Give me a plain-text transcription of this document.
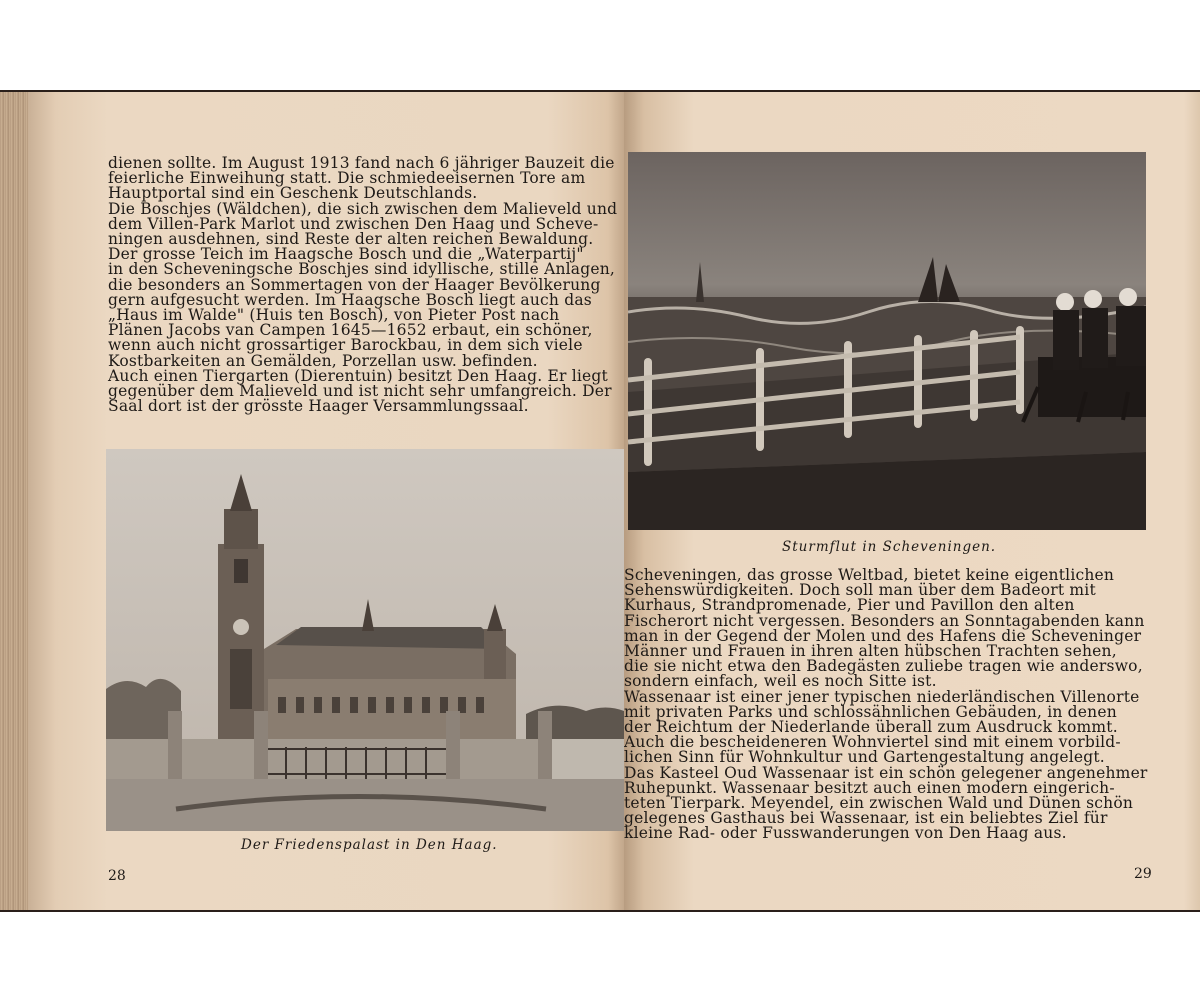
dienen sollte. Im August 1913 fand nach 6 jähriger Bauzeit die
feierliche Einweihung statt. Die schmiedeeisernen Tore am
Hauptportal sind ein Geschenk Deutschlands.
Die Boschjes (Wäldchen), die sich zwischen dem Malieveld und
dem Villen-Park Marlot und zwischen Den Haag und Scheve-
ningen ausdehnen, sind Reste der alten reichen Bewaldung.
Der grosse Teich im Haagsche Bosch und die „Waterpartij"
in den Scheveningsche Boschjes sind idyllische, stille Anlagen,
die besonders an Sommertagen von der Haager Bevölkerung
gern aufgesucht werden. Im Haagsche Bosch liegt auch das
„Haus im Walde" (Huis ten Bosch), von Pieter Post nach
Plänen Jacobs van Campen 1645—1652 erbaut, ein schöner,
wenn auch nicht grossartiger Barockbau, in dem sich viele
Kostbarkeiten an Gemälden, Porzellan usw. befinden.
Auch einen Tiergarten (Dierentuin) besitzt Den Haag. Er liegt
gegenüber dem Malieveld und ist nicht sehr umfangreich. Der
Saal dort ist der grösste Haager Versammlungssaal.
Der Friedenspalast in Den Haag.
28
Sturmflut in Scheveningen.
Scheveningen, das grosse Weltbad, bietet keine eigentlichen
Sehenswürdigkeiten. Doch soll man über dem Badeort mit
Kurhaus, Strandpromenade, Pier und Pavillon den alten
Fischerort nicht vergessen. Besonders an Sonntagabenden kann
man in der Gegend der Molen und des Hafens die Scheveninger
Männer und Frauen in ihren alten hübschen Trachten sehen,
die sie nicht etwa den Badegästen zuliebe tragen wie anderswo,
sondern einfach, weil es noch Sitte ist.
Wassenaar ist einer jener typischen niederländischen Villenorte
mit privaten Parks und schlossähnlichen Gebäuden, in denen
der Reichtum der Niederlande überall zum Ausdruck kommt.
Auch die bescheideneren Wohnviertel sind mit einem vorbild-
lichen Sinn für Wohnkultur und Gartengestaltung angelegt.
Das Kasteel Oud Wassenaar ist ein schön gelegener angenehmer
Ruhepunkt. Wassenaar besitzt auch einen modern eingerich-
teten Tierpark. Meyendel, ein zwischen Wald und Dünen schön
gelegenes Gasthaus bei Wassenaar, ist ein beliebtes Ziel für
kleine Rad- oder Fusswanderungen von Den Haag aus.
29
